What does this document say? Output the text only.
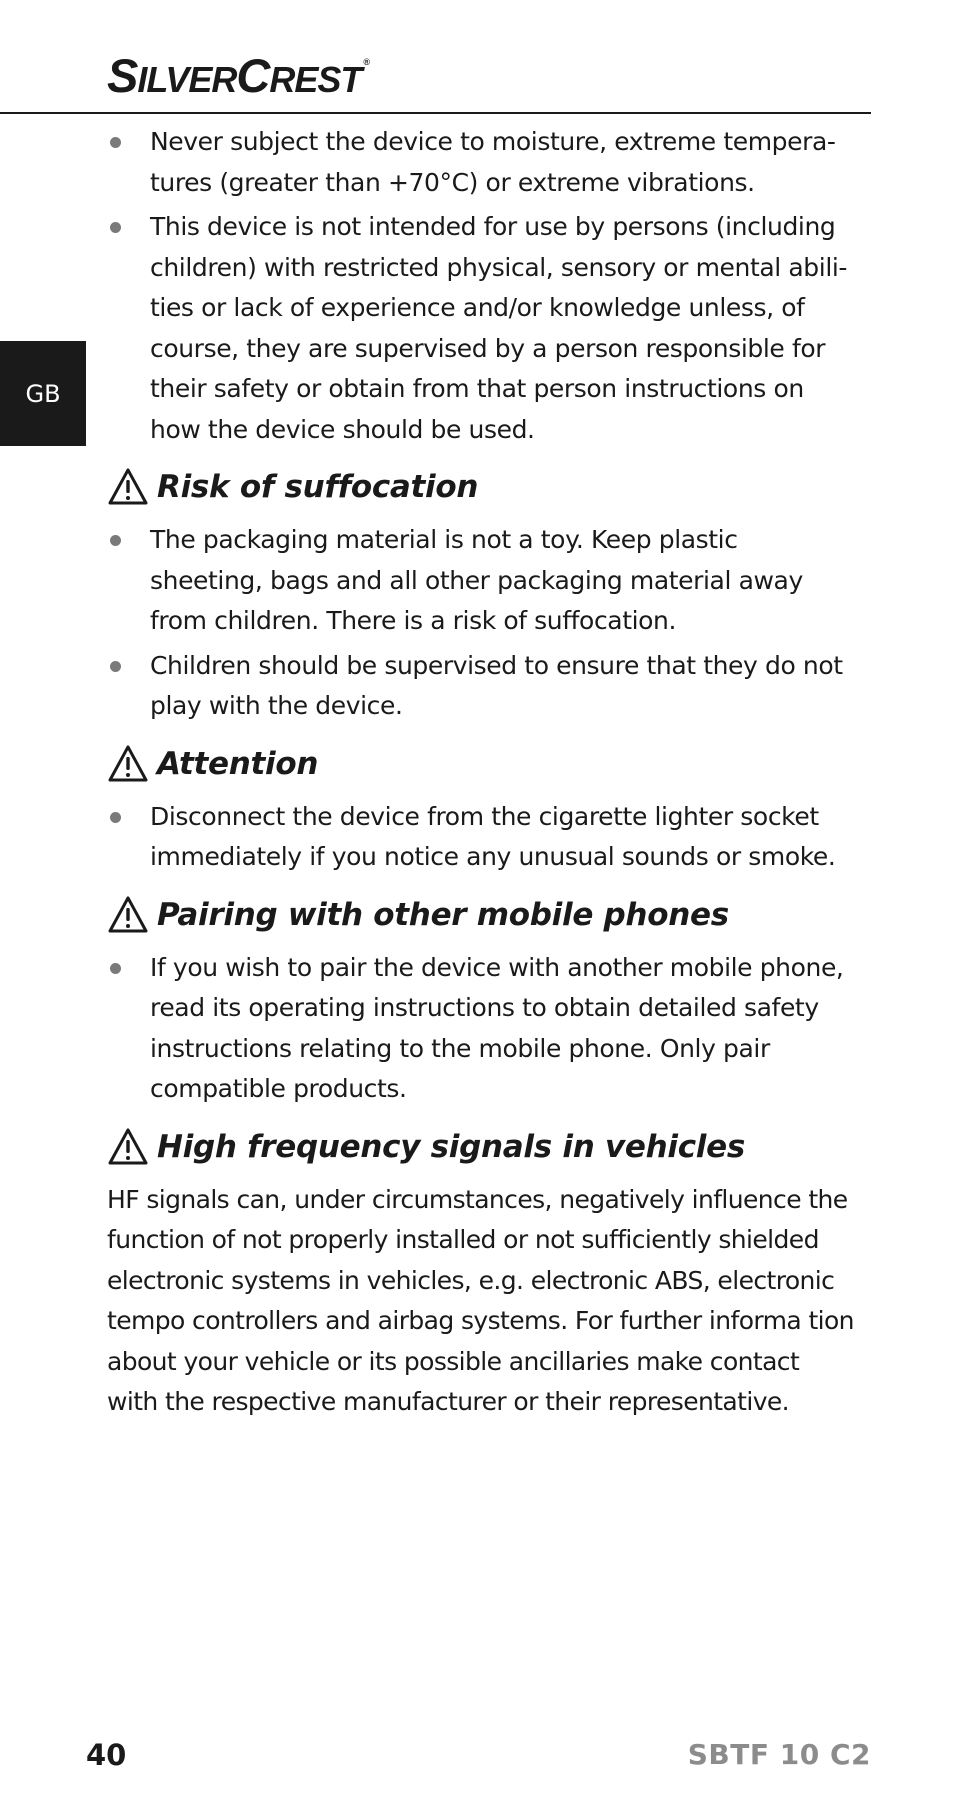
SILVERCREST ®
GB
Never subject the device to moisture, extreme temperatures (greater than +70°C) or extreme vibrations.
This device is not intended for use by persons (including children) with restricted physical, sensory or mental abilities or lack of experience and/or knowledge unless, of course, they are supervised by a person responsible for their safety or obtain from that person instructions on how the device should be used.
Risk of suffocation
The packaging material is not a toy. Keep plastic sheeting, bags and all other packaging material away from children. There is a risk of suffocation.
Children should be supervised to ensure that they do not play with the device.
Attention
Disconnect the device from the cigarette lighter socket immediately if you notice any unusual sounds or smoke.
Pairing with other mobile phones
If you wish to pair the device with another mobile phone, read its operating instructions to obtain detailed safety instructions relating to the mobile phone. Only pair compatible products.
High frequency signals in vehicles

HF signals can, under circumstances, negatively influence the function of not properly installed or not sufficiently shielded electronic systems in vehicles, e.g. electronic ABS, electronic tempo controllers and airbag systems. For further informa tion about your vehicle or its possible ancillaries make contact with the respective manufacturer or their representative.

40	SBTF 10 C2
